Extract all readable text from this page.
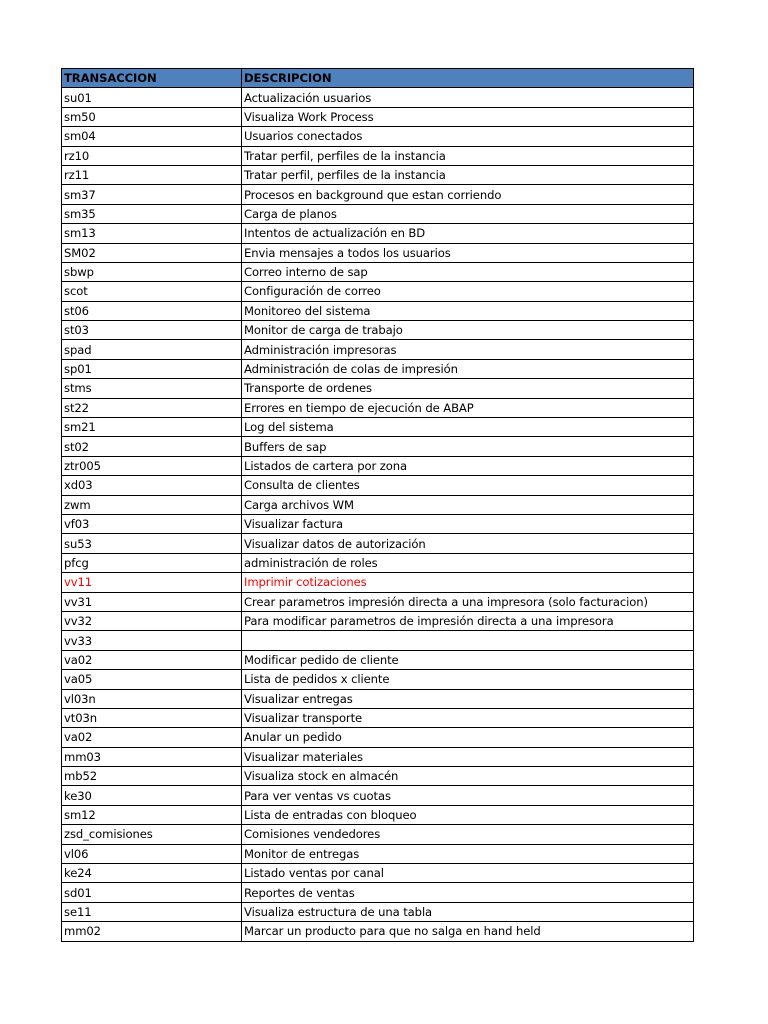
TRANSACCION	DESCRIPCION
su01	Actualización usuarios
sm50	Visualiza Work Process
sm04	Usuarios conectados
rz10	Tratar perfil, perfiles de la instancia
rz11	Tratar perfil, perfiles de la instancia
sm37	Procesos en background que estan corriendo
sm35	Carga de planos
sm13	Intentos de actualización en BD
SM02	Envia mensajes a todos los usuarios
sbwp	Correo interno de sap
scot	Configuración de correo
st06	Monitoreo del sistema
st03	Monitor de carga de trabajo
spad	Administración impresoras
sp01	Administración de colas de impresión
stms	Transporte de ordenes
st22	Errores en tiempo de ejecución de ABAP
sm21	Log del sistema
st02	Buffers de sap
ztr005	Listados de cartera por zona
xd03	Consulta de clientes
zwm	Carga archivos WM
vf03	Visualizar factura
su53	Visualizar datos de autorización
pfcg	administración de roles
vv11	Imprimir cotizaciones
vv31	Crear parametros impresión directa a una impresora (solo facturacion)
vv32	Para modificar parametros de impresión directa a una impresora
vv33	
va02	Modificar pedido de cliente
va05	Lista de pedidos x cliente
vl03n	Visualizar entregas
vt03n	Visualizar transporte
va02	Anular un pedido
mm03	Visualizar materiales
mb52	Visualiza stock en almacén
ke30	Para ver ventas vs cuotas
sm12	Lista de entradas con bloqueo
zsd_comisiones	Comisiones vendedores
vl06	Monitor de entregas
ke24	Listado ventas por canal
sd01	Reportes de ventas
se11	Visualiza estructura de una tabla
mm02	Marcar un producto para que no salga en hand held
